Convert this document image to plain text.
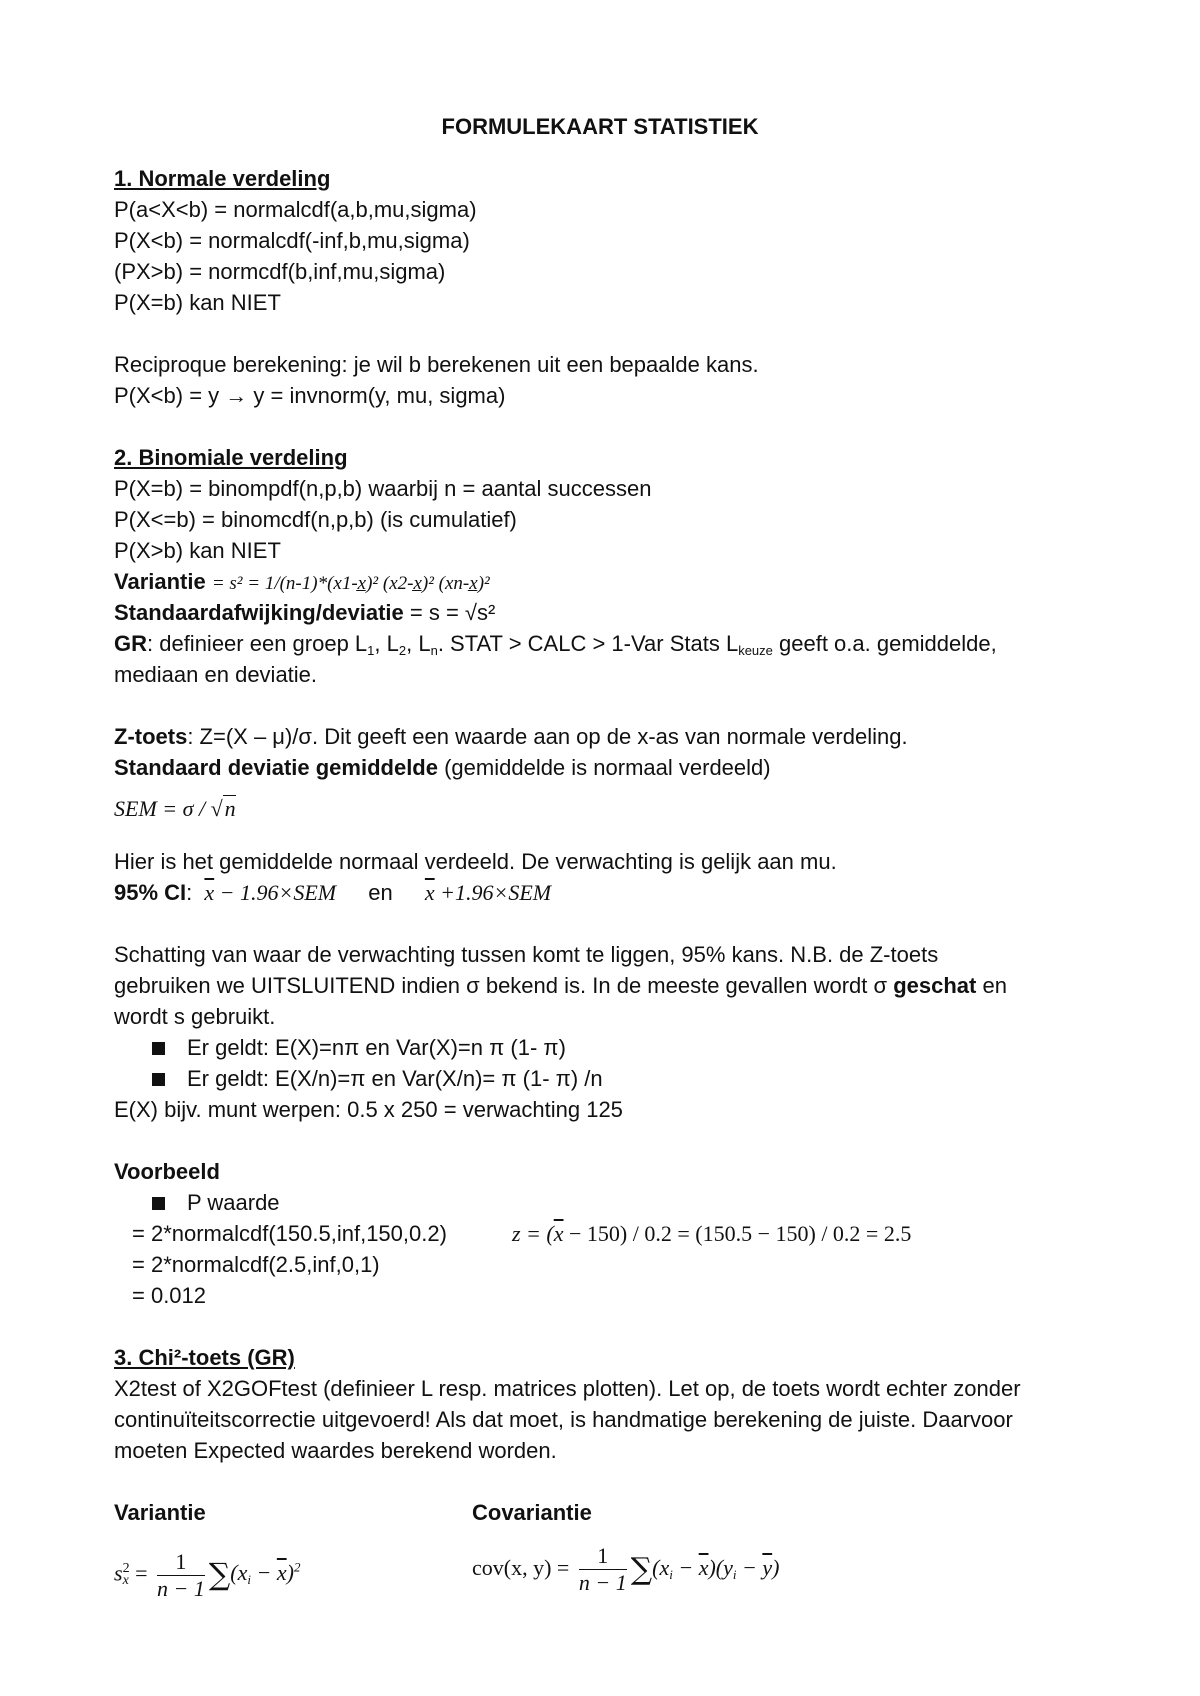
FORMULEKAART STATISTIEK
1. Normale verdeling
P(a<X<b) = normalcdf(a,b,mu,sigma)
P(X<b) = normalcdf(-inf,b,mu,sigma)
(PX>b) = normcdf(b,inf,mu,sigma)
P(X=b) kan NIET
Reciproque berekening: je wil b berekenen uit een bepaalde kans.
P(X<b) = y → y = invnorm(y, mu, sigma)
2. Binomiale verdeling
P(X=b) = binompdf(n,p,b) waarbij n = aantal successen
P(X<=b) = binomcdf(n,p,b) (is cumulatief)
P(X>b) kan NIET
Variantie = s² = 1/(n-1)*(x1-x̲)² (x2-x̲)² (xn-x̲)²
Standaardafwijking/deviatie = s = √s²
GR: definieer een groep $L_1$, $L_2$, $L_n$. STAT > CALC > 1-Var Stats $L_{keuze}$ geeft o.a. gemiddelde,
mediaan en deviatie.
Z-toets: Z=(X – μ)/σ. Dit geeft een waarde aan op de x-as van normale verdeling.
Standaard deviatie gemiddelde (gemiddelde is normaal verdeeld)
SEM = σ / √n
Hier is het gemiddelde normaal verdeeld. De verwachting is gelijk aan mu.
95% CI: $\overline{x} - 1.96\times SEM$ en $\overline{x} +1.96\times SEM$
Schatting van waar de verwachting tussen komt te liggen, 95% kans. N.B. de Z-toets
gebruiken we UITSLUITEND indien σ bekend is. In de meeste gevallen wordt σ geschat en
wordt s gebruikt.
Er geldt: E(X)=nπ en Var(X)=n π (1- π)
Er geldt: E(X/n)=π en Var(X/n)= π (1- π) /n
E(X) bijv. munt werpen: 0.5 x 250 = verwachting 125
Voorbeeld
P waarde
= 2*normalcdf(150.5,inf,150,0.2)	$z = (\overline{x} - 150) / 0.2 = (150.5 - 150) / 0.2 = 2.5$
= 2*normalcdf(2.5,inf,0,1)
= 0.012
3. Chi²-toets (GR)
X2test of X2GOFtest (definieer L resp. matrices plotten). Let op, de toets wordt echter zonder
continuïteitscorrectie uitgevoerd! Als dat moet, is handmatige berekening de juiste. Daarvoor
moeten Expected waardes berekend worden.
Variantie	Covariantie
s 2
$x = \frac{1}{n - 1} \sum(x_i - \overline{x})^2$	cov(x, $y) = \frac{1}{n - 1} \sum(x_i - \overline{x})(y_i - \overline{y})$
